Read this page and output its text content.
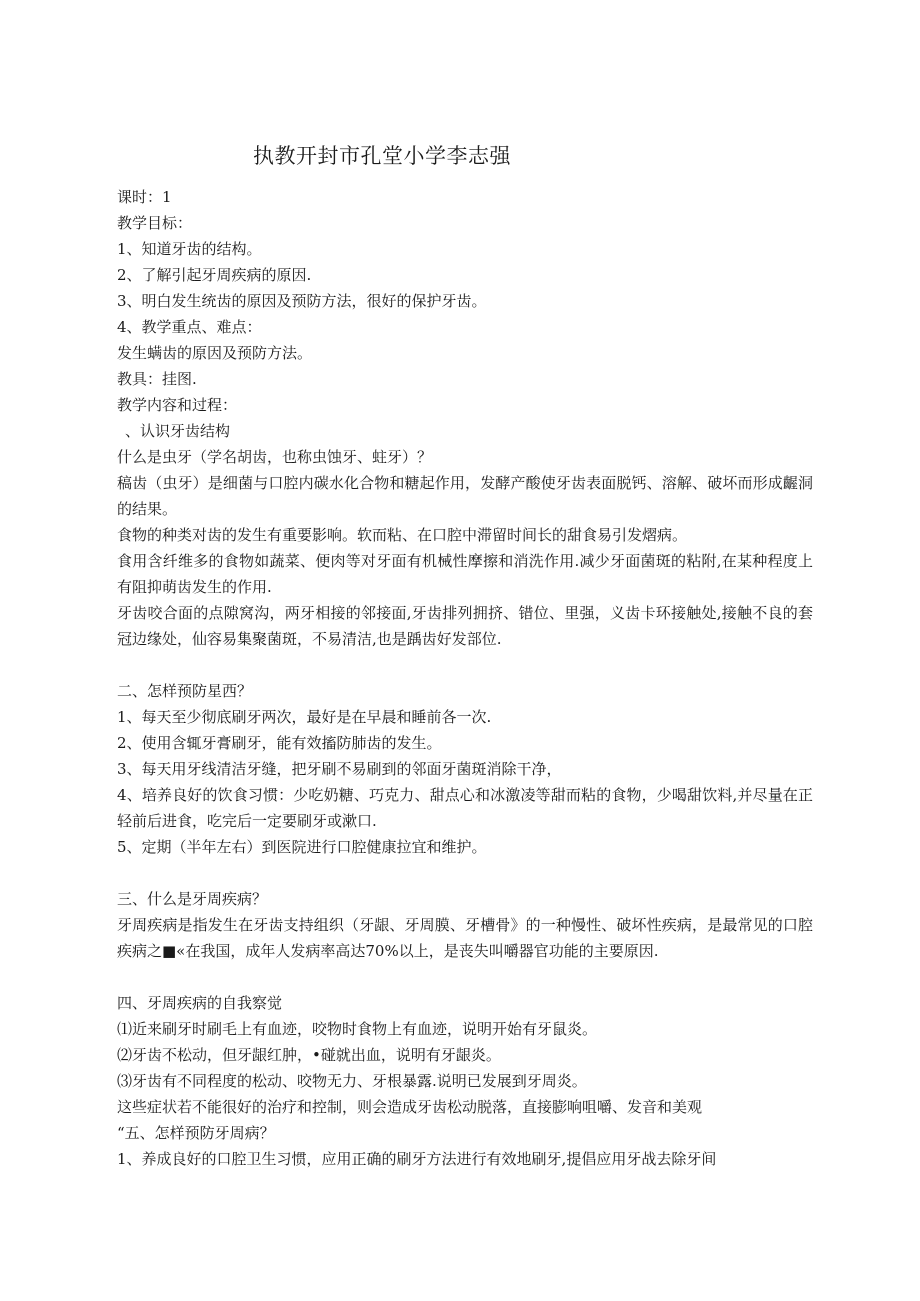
执教开封市孔堂小学李志强

课时：1

教学目标：

1、知道牙齿的结构。

2、了解引起牙周疾病的原因.

3、明白发生统齿的原因及预防方法，很好的保护牙齿。

4、教学重点、难点：

发生螨齿的原因及预防方法。

教具：挂图.

教学内容和过程：

、认识牙齿结构

什么是虫牙（学名胡齿，也称虫蚀牙、蛀牙）？

稿齿（虫牙）是细菌与口腔内碳水化合物和糖起作用，发酵产酸使牙齿表面脱钙、溶解、破坏而形成齷洞的结果。

食物的种类对齿的发生有重要影响。软而粘、在口腔中滞留时间长的甜食易引发熠病。

食用含纤维多的食物如蔬菜、便肉等对牙面有机械性摩擦和消洗作用.减少牙面菌斑的粘附,在某种程度上有阻抑萌齿发生的作用.

牙齿咬合面的点隙窝沟，两牙相接的邻接面,牙齿排列拥挤、错位、里强，义齿卡环接触处,接触不良的套冠边缘处，仙容易集聚菌斑，不易清洁,也是踽齿好发部位.

二、怎样预防星西？

1、每天至少彻底刷牙两次，最好是在早晨和睡前各一次.

2、使用含辄牙膏刷牙，能有效搐防肺齿的发生。

3、每天用牙线清洁牙缝，把牙刷不易刷到的邻面牙菌斑消除干净，

4、培养良好的饮食习惯：少吃奶糖、巧克力、甜点心和冰激凌等甜而粘的食物，少喝甜饮料,并尽量在正轻前后进食，吃完后一定要刷牙或漱口.

5、定期（半年左右）到医院进行口腔健康拉宜和维护。

三、什么是牙周疾病？

牙周疾病是指发生在牙齿支持组织（牙龈、牙周膜、牙槽骨》的一种慢性、破坏性疾病，是最常见的口腔疾病之■«在我国，成年人发病率高达70%以上，是丧失叫嚼器官功能的主要原因.

四、牙周疾病的自我察觉

⑴近来刷牙时刷毛上有血迹，咬物时食物上有血迹，说明开始有牙鼠炎。

⑵牙齿不松动，但牙龈红肿，•碰就出血，说明有牙龈炎。

⑶牙齿有不同程度的松动、咬物无力、牙根暴露.说明已发展到牙周炎。

这些症状若不能很好的治疗和控制，则会造成牙齿松动脱落，直接膨响咀嚼、发音和美观

“五、怎样预防牙周病？

1、养成良好的口腔卫生习惯，应用正确的刷牙方法进行有效地刷牙,提倡应用牙战去除牙间
